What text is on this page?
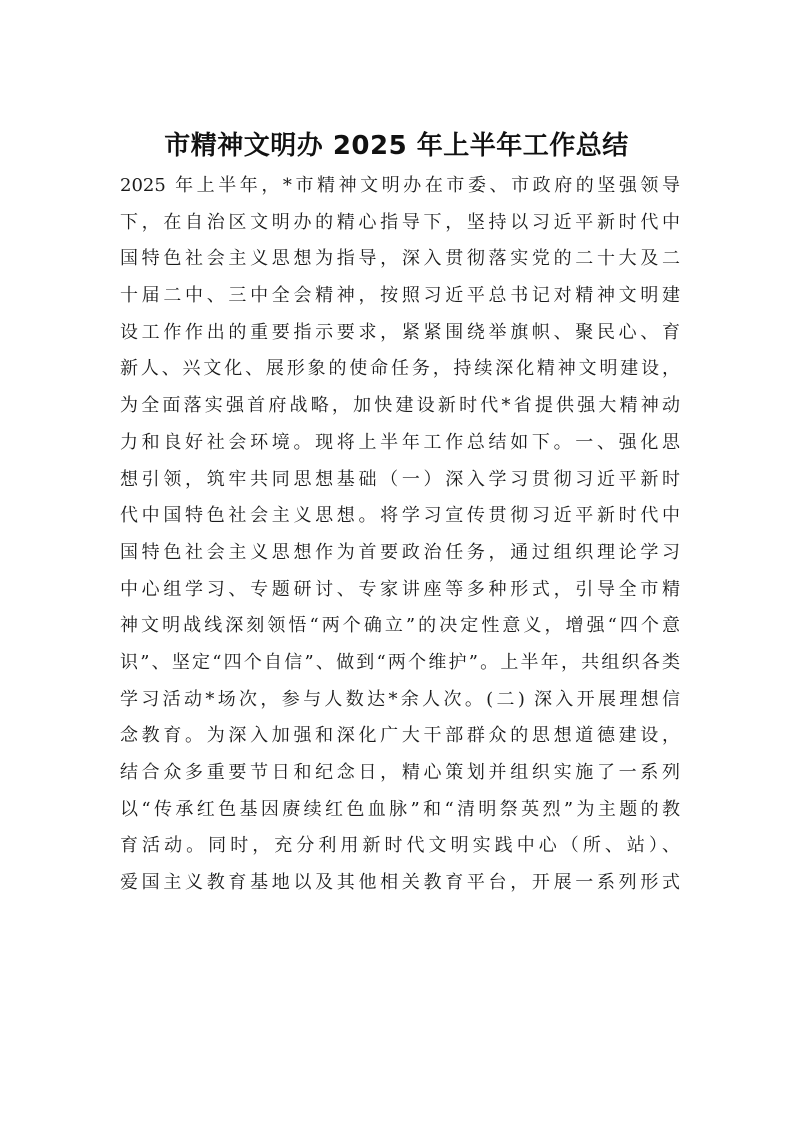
市精神文明办 2025 年上半年工作总结
2025 年上半年，*市精神文明办在市委、市政府的坚强领导
下，在自治区文明办的精心指导下，坚持以习近平新时代中
国特色社会主义思想为指导，深入贯彻落实党的二十大及二
十届二中、三中全会精神，按照习近平总书记对精神文明建
设工作作出的重要指示要求，紧紧围绕举旗帜、聚民心、育
新人、兴文化、展形象的使命任务，持续深化精神文明建设，
为全面落实强首府战略，加快建设新时代*省提供强大精神动
力和良好社会环境。现将上半年工作总结如下。一、强化思
想引领，筑牢共同思想基础（一）深入学习贯彻习近平新时
代中国特色社会主义思想。将学习宣传贯彻习近平新时代中
国特色社会主义思想作为首要政治任务，通过组织理论学习
中心组学习、专题研讨、专家讲座等多种形式，引导全市精
神文明战线深刻领悟“两个确立”的决定性意义，增强“四个意
识”、坚定“四个自信”、做到“两个维护”。上半年，共组织各类
学习活动*场次，参与人数达*余人次。(二) 深入开展理想信
念教育。为深入加强和深化广大干部群众的思想道德建设，
结合众多重要节日和纪念日，精心策划并组织实施了一系列
以“传承红色基因赓续红色血脉”和“清明祭英烈”为主题的教
育活动。同时，充分利用新时代文明实践中心（所、站）、
爱国主义教育基地以及其他相关教育平台，开展一系列形式
